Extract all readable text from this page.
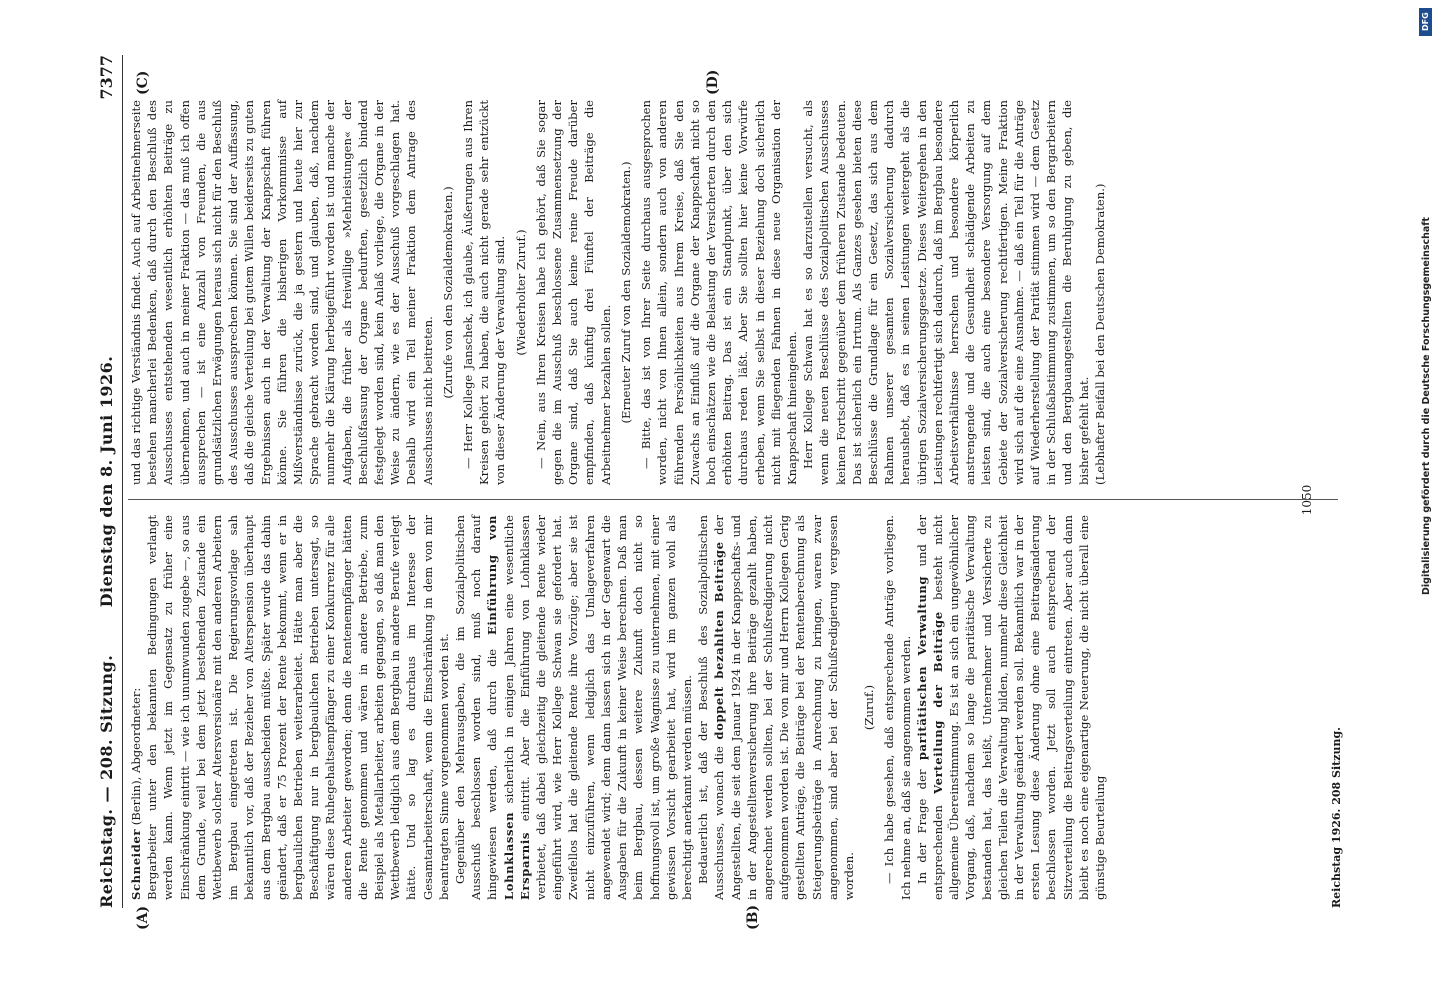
DFG
Digitalisierung gefördert durch die Deutsche Forschungsgemeinschaft
Reichstag. — 208. Sitzung.
Dienstag den 8. Juni 1926.
7377
(A)	(B)
(C)	(D)

Schneider (Berlin), Abgeordneter: Bergarbeiter unter den bekannten Bedingungen verlangt werden kann. Wenn jetzt im Gegensatz zu früher eine Einschränkung eintritt — wie ich unumwunden zugebe —, so aus dem Grunde, weil bei dem jetzt bestehenden Zustande ein Wettbewerb solcher Altersversionäre mit den anderen Arbeitern im Bergbau eingetreten ist. Die Regierungsvorlage sah bekanntlich vor, daß der Bezieher von Alterspension überhaupt aus dem Bergbau ausscheiden müßte. Später wurde das dahin geändert, daß er 75 Prozent der Rente bekommt, wenn er in bergbaulichen Betrieben weiterarbeitet. Hätte man aber die Beschäftigung nur in bergbaulichen Betrieben untersagt, so wären diese Ruhegehaltsempfänger zu einer Konkurrenz für alle anderen Arbeiter geworden; denn die Rentenempfänger hätten die Rente genommen und wären in andere Betriebe, zum Beispiel als Metallarbeiter, arbeiten gegangen, so daß man den Wettbewerb lediglich aus dem Bergbau in andere Berufe verlegt hätte. Und so lag es durchaus im Interesse der Gesamtarbeiterschaft, wenn die Einschränkung in dem von mir beantragten Sinne vorgenommen worden ist. Gegenüber den Mehrausgaben, die im Sozialpolitischen Ausschuß beschlossen worden sind, muß noch darauf hingewiesen werden, daß durch die Einführung von Lohnklassen sicherlich in einigen Jahren eine wesentliche Ersparnis eintritt. Aber die Einführung von Lohnklassen verbietet, daß dabei gleichzeitig die gleitende Rente wieder eingeführt wird, wie Herr Kollege Schwan sie gefordert hat. Zweifellos hat die gleitende Rente ihre Vorzüge; aber sie ist nicht einzuführen, wenn lediglich das Umlageverfahren angewendet wird; denn dann lassen sich in der Gegenwart die Ausgaben für die Zukunft in keiner Weise berechnen. Daß man beim Bergbau, dessen weitere Zukunft doch nicht so hoffnungsvoll ist, um große Wagnisse zu unternehmen, mit einer gewissen Vorsicht gearbeitet hat, wird im ganzen wohl als berechtigt anerkannt werden müssen. Bedauerlich ist, daß der Beschluß des Sozialpolitischen Ausschusses, wonach die doppelt bezahlten Beiträge der Angestellten, die seit dem Januar 1924 in der Knappschafts- und in der Angestelltenversicherung ihre Beiträge gezahlt haben, angerechnet werden sollten, bei der Schlußredigierung nicht aufgenommen worden ist. Die von mir und Herrn Kollegen Gerig gestellten Anträge, die Beiträge bei der Rentenberechnung als Steigerungsbeiträge in Anrechnung zu bringen, waren zwar angenommen, sind aber bei der Schlußredigierung vergessen worden.

(Zuruf.) — Ich habe gesehen, daß entsprechende Anträge vorliegen. Ich nehme an, daß sie angenommen werden. In der Frage der paritätischen Verwaltung und der entsprechenden Verteilung der Beiträge besteht nicht allgemeine Übereinstimmung. Es ist an sich ein ungewöhnlicher Vorgang, daß, nachdem so lange die paritätische Verwaltung bestanden hat, das heißt, Unternehmer und Versicherte zu gleichen Teilen die Verwaltung bilden, nunmehr diese Gleichheit in der Verwaltung geändert werden soll. Bekanntlich war in der ersten Lesung diese Änderung ohne eine Beitragsänderung beschlossen worden. Jetzt soll auch entsprechend der Sitzverteilung die Beitragsverteilung eintreten. Aber auch dann bleibt es noch eine eigenartige Neuerung, die nicht überall eine günstige Beurteilung

und das richtige Verständnis findet. Auch auf Arbeitnehmerseite bestehen mancherlei Bedenken, daß durch den Beschluß des Ausschusses entstehenden wesentlich erhöhten Beiträge zu übernehmen, und auch in meiner Fraktion — das muß ich offen aussprechen — ist eine Anzahl von Freunden, die aus grundsätzlichen Erwägungen heraus sich nicht für den Beschluß des Ausschusses aussprechen können. Sie sind der Auffassung, daß die gleiche Verteilung bei gutem Willen beiderseits zu guten Ergebnissen auch in der Verwaltung der Knappschaft führen könne. Sie führen die bisherigen Vorkommnisse auf Mißverständnisse zurück, die ja gestern und heute hier zur Sprache gebracht worden sind, und glauben, daß, nachdem nunmehr die Klärung herbeigeführt worden ist und manche der Aufgaben, die früher als freiwillige »Mehrleistungen« der Beschlußfassung der Organe bedurften, gesetzlich bindend festgelegt worden sind, kein Anlaß vorliege, die Organe in der Weise zu ändern, wie es der Ausschuß vorgeschlagen hat. Deshalb wird ein Teil meiner Fraktion dem Antrage des Ausschusses nicht beitreten.

(Zurufe von den Sozialdemokraten.) — Herr Kollege Janschek, ich glaube, Äußerungen aus Ihren Kreisen gehört zu haben, die auch nicht gerade sehr entzückt von dieser Änderung der Verwaltung sind. (Wiederholter Zuruf.) — Nein, aus Ihren Kreisen habe ich gehört, daß Sie sogar gegen die im Ausschuß beschlossene Zusammensetzung der Organe sind, daß Sie auch keine reine Freude darüber empfinden, daß künftig drei Fünftel der Beiträge die Arbeitnehmer bezahlen sollen. (Erneuter Zuruf von den Sozialdemokraten.) — Bitte, das ist von Ihrer Seite durchaus ausgesprochen worden, nicht von Ihnen allein, sondern auch von anderen führenden Persönlichkeiten aus Ihrem Kreise, daß Sie den Zuwachs an Einfluß auf die Organe der Knappschaft nicht so hoch einschätzen wie die Belastung der Versicherten durch den erhöhten Beitrag. Das ist ein Standpunkt, über den sich durchaus reden läßt. Aber Sie sollten hier keine Vorwürfe erheben, wenn Sie selbst in dieser Beziehung doch sicherlich nicht mit fliegenden Fahnen in diese neue Organisation der Knappschaft hineingehen. Herr Kollege Schwan hat es so darzustellen versucht, als wenn die neuen Beschlüsse des Sozialpolitischen Ausschusses keinen Fortschritt gegenüber dem früheren Zustande bedeuten. Das ist sicherlich ein Irrtum. Als Ganzes gesehen bieten diese Beschlüsse die Grundlage für ein Gesetz, das sich aus dem Rahmen unserer gesamten Sozialversicherung dadurch heraushebt, daß es in seinen Leistungen weitergeht als die übrigen Sozialversicherungsgesetze. Dieses Weitergehen in den Leistungen rechtfertigt sich dadurch, daß im Bergbau besondere Arbeitsverhältnisse herrschen und besondere körperlich anstrengende und die Gesundheit schädigende Arbeiten zu leisten sind, die auch eine besondere Versorgung auf dem Gebiete der Sozialversicherung rechtfertigen. Meine Fraktion wird sich auf die eine Ausnahme. — daß ein Teil für die Anträge auf Wiederherstellung der Parität stimmen wird — dem Gesetz in der Schlußabstimmung zustimmen, um so den Bergarbeitern und den Bergbauangestellten die Beruhigung zu geben, die bisher gefehlt hat. (Lebhafter Beifall bei den Deutschen Demokraten.)

Reichstag 1926. 208 Sitzung.
1050
